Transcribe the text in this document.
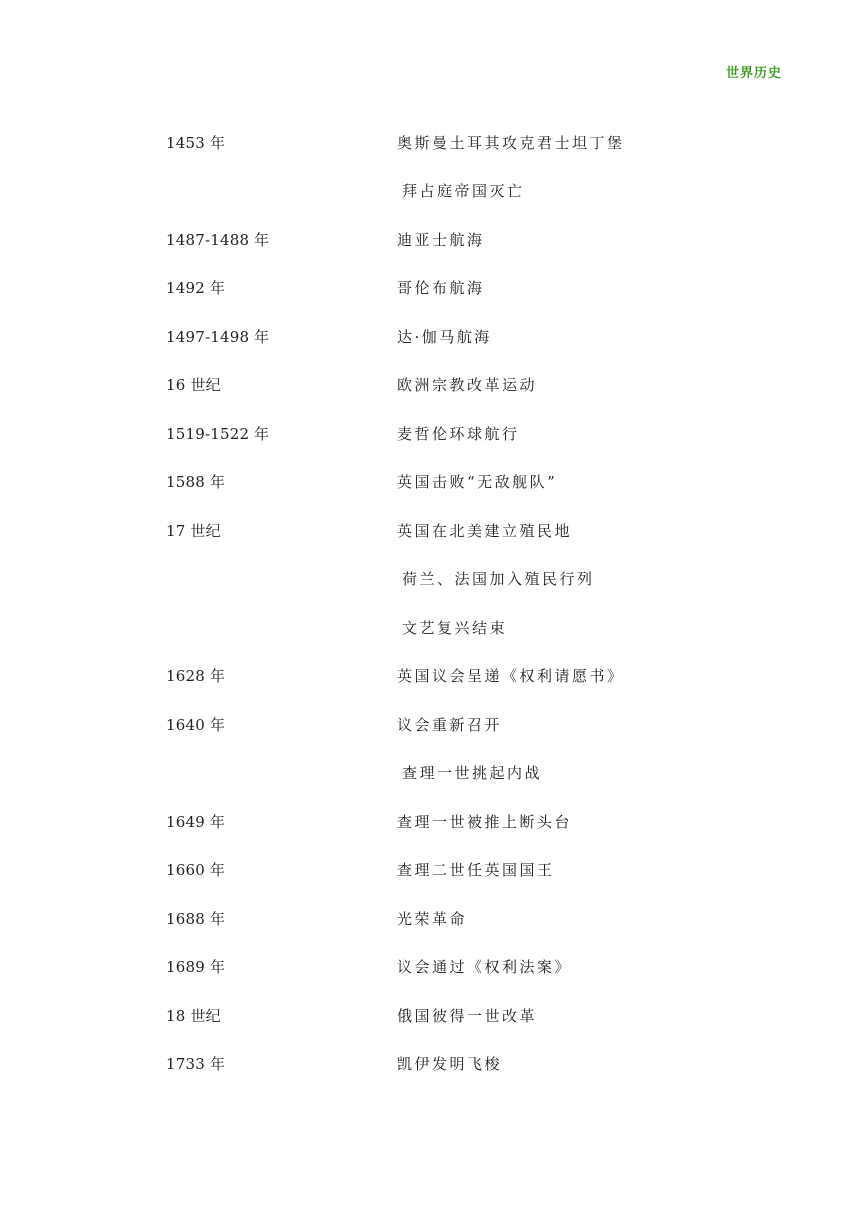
世界历史
1453 年	奥斯曼土耳其攻克君士坦丁堡
拜占庭帝国灭亡
1487-1488 年	迪亚士航海
1492 年	哥伦布航海
1497-1498 年	达·伽马航海
16 世纪	欧洲宗教改革运动
1519-1522 年	麦哲伦环球航行
1588 年	英国击败“无敌舰队”
17 世纪	英国在北美建立殖民地
荷兰、法国加入殖民行列
文艺复兴结束
1628 年	英国议会呈递《权利请愿书》
1640 年	议会重新召开
查理一世挑起内战
1649 年	查理一世被推上断头台
1660 年	查理二世任英国国王
1688 年	光荣革命
1689 年	议会通过《权利法案》
18 世纪	俄国彼得一世改革
1733 年	凯伊发明飞梭
